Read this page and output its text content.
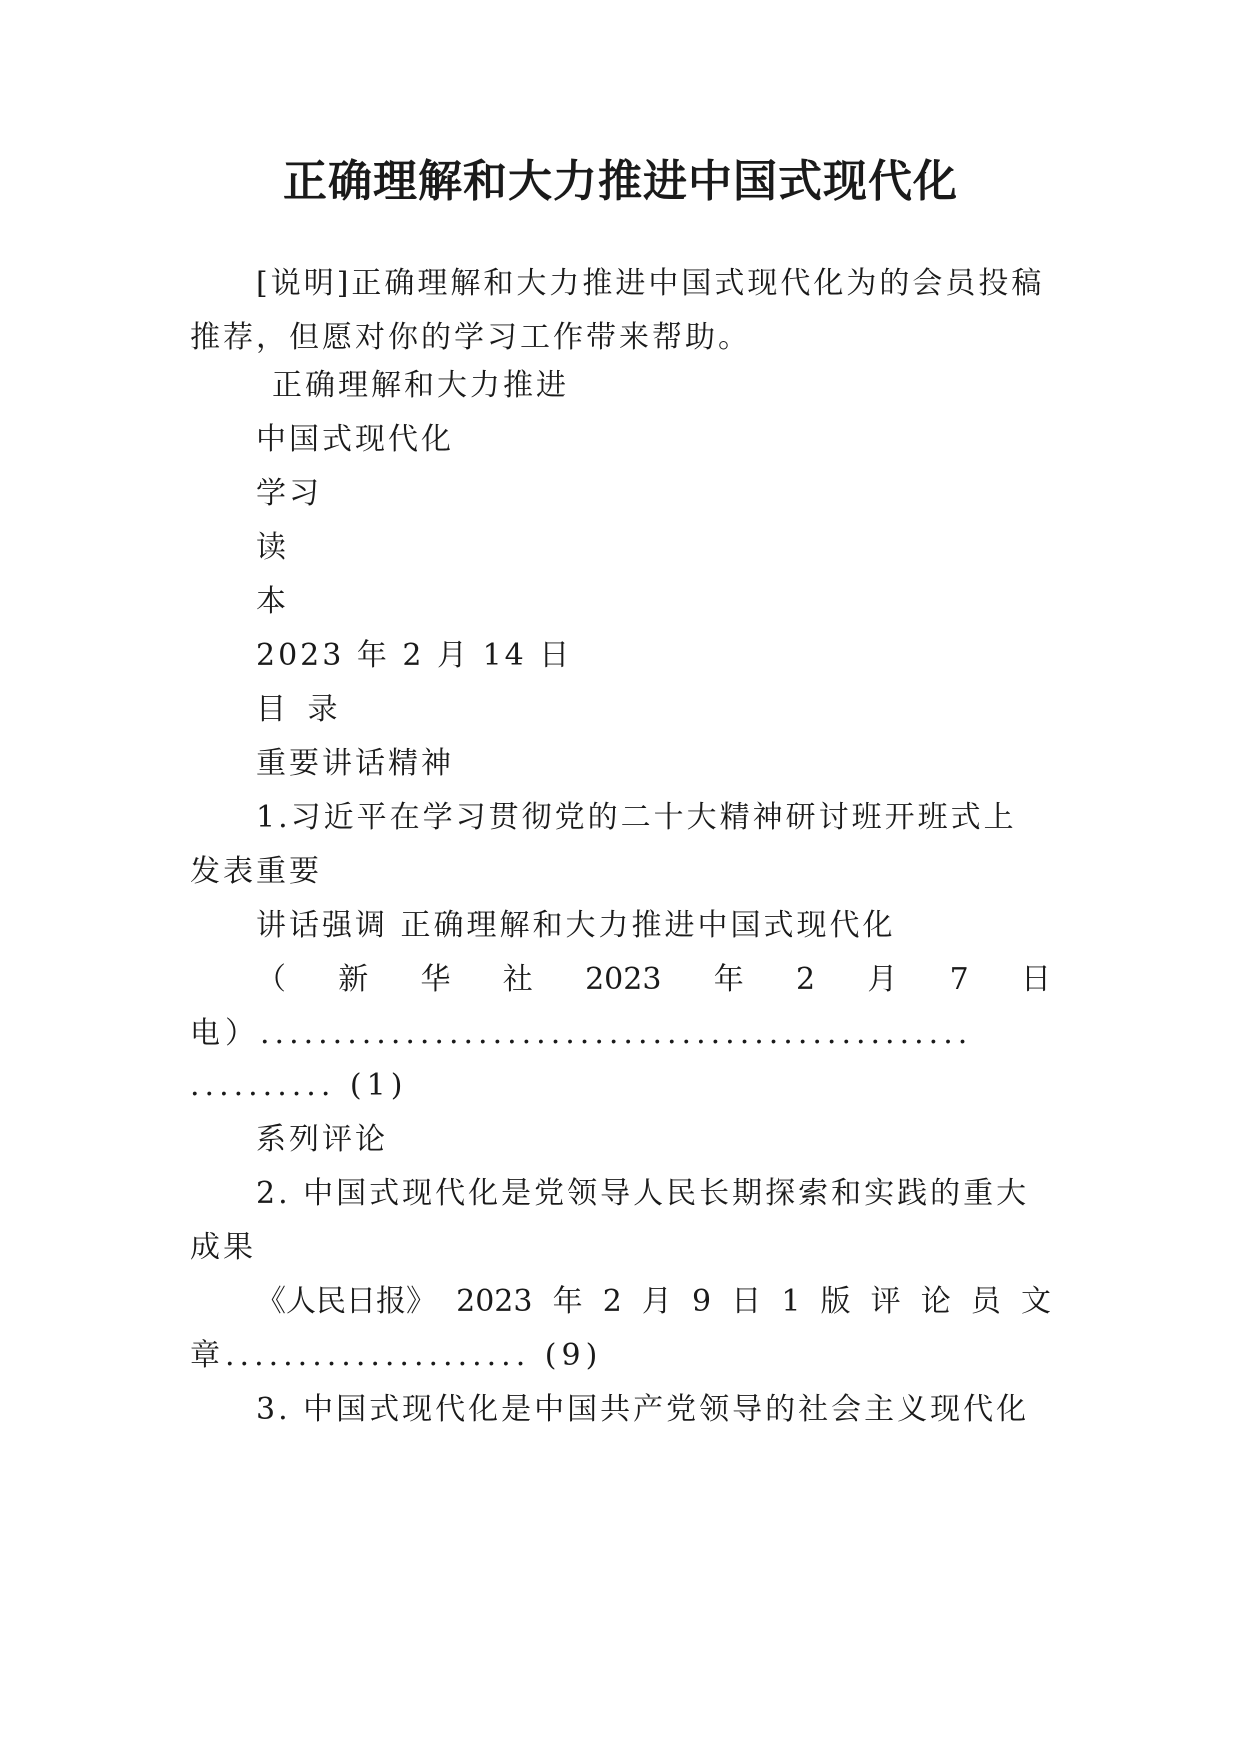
正确理解和大力推进中国式现代化
[说明]正确理解和大力推进中国式现代化为的会员投稿
推荐，但愿对你的学习工作带来帮助。
正确理解和大力推进
中国式现代化
学习
读
本
2023 年 2 月 14 日
目 录
重要讲话精神
1.习近平在学习贯彻党的二十大精神研讨班开班式上
发表重要
讲话强调 正确理解和大力推进中国式现代化
（ 新 华 社 2023 年 2 月 7 日
电）.................................................
.......... (1)
系列评论
2. 中国式现代化是党领导人民长期探索和实践的重大
成果
《人民日报》 2023 年 2 月 9 日 1 版 评 论 员 文
章..................... (9)
3. 中国式现代化是中国共产党领导的社会主义现代化
